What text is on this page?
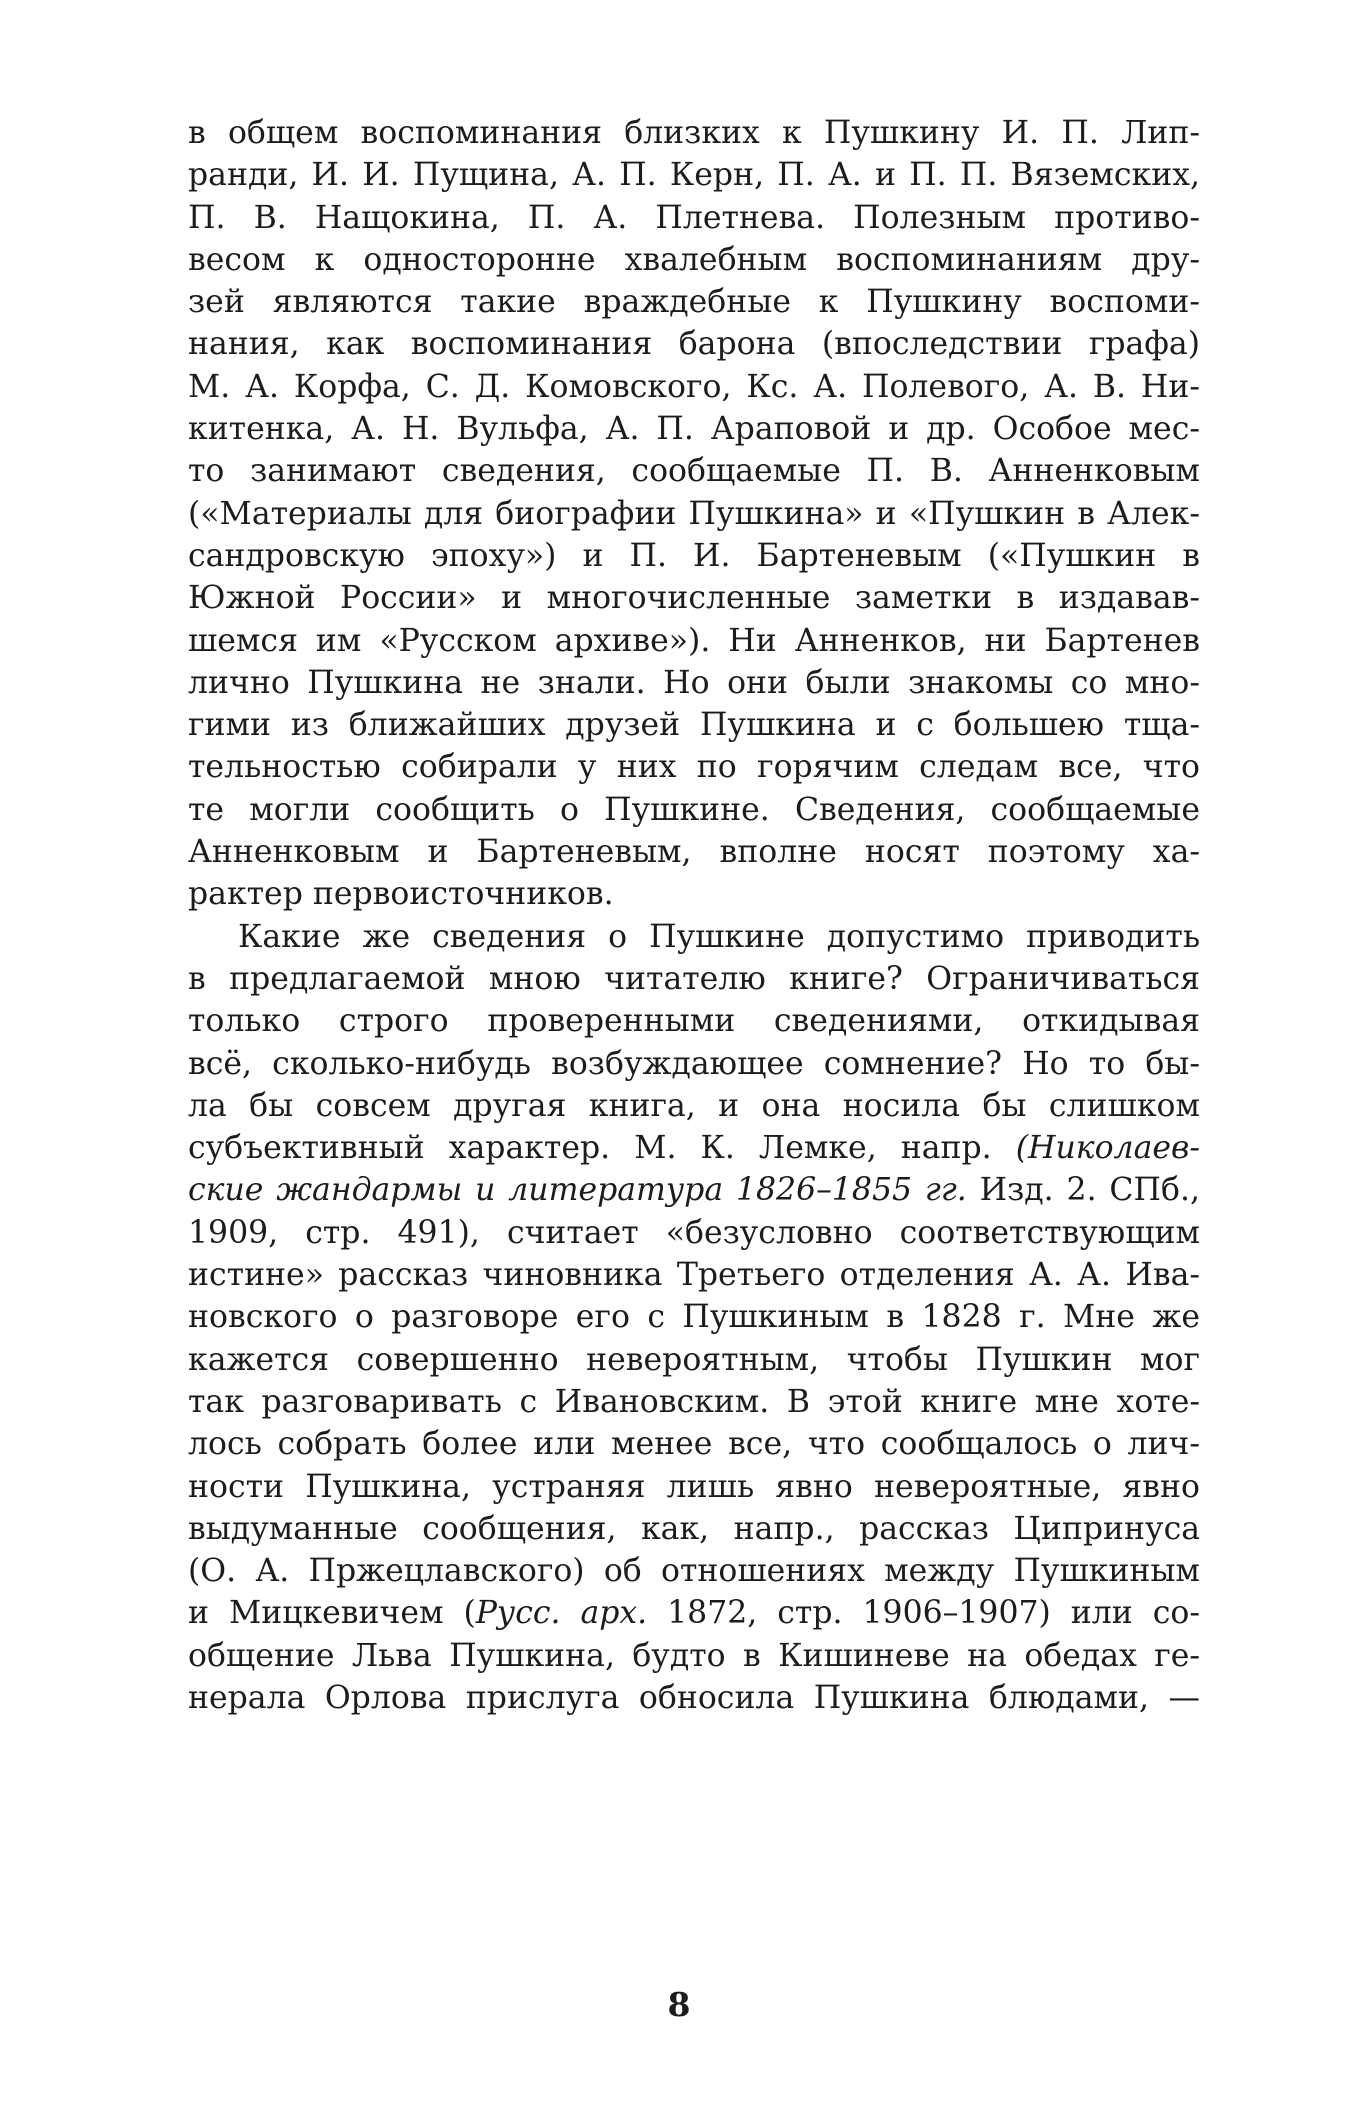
в общем воспоминания близких к Пушкину И. П. Лип-
ранди, И. И. Пущина, А. П. Керн, П. А. и П. П. Вяземских,
П. В. Нащокина, П. А. Плетнева. Полезным противо-
весом к односторонне хвалебным воспоминаниям дру-
зей являются такие враждебные к Пушкину воспоми-
нания, как воспоминания барона (впоследствии графа)
М. А. Корфа, С. Д. Комовского, Кс. А. Полевого, А. В. Ни-
китенка, А. Н. Вульфа, А. П. Араповой и др. Особое мес-
то занимают сведения, сообщаемые П. В. Анненковым
(«Материалы для биографии Пушкина» и «Пушкин в Алек-
сандровскую эпоху») и П. И. Бартеневым («Пушкин в
Южной России» и многочисленные заметки в издавав-
шемся им «Русском архиве»). Ни Анненков, ни Бартенев
лично Пушкина не знали. Но они были знакомы со мно-
гими из ближайших друзей Пушкина и с большею тща-
тельностью собирали у них по горячим следам все, что
те могли сообщить о Пушкине. Сведения, сообщаемые
Анненковым и Бартеневым, вполне носят поэтому ха-
рактер первоисточников.
Какие же сведения о Пушкине допустимо приводить
в предлагаемой мною читателю книге? Ограничиваться
только строго проверенными сведениями, откидывая
всё, сколько-нибудь возбуждающее сомнение? Но то бы-
ла бы совсем другая книга, и она носила бы слишком
субъективный характер. М. К. Лемке, напр. (Николаев-
ские жандармы и литература 1826–1855 гг. Изд. 2. СПб.,
1909, стр. 491), считает «безусловно соответствующим
истине» рассказ чиновника Третьего отделения А. А. Ива-
новского о разговоре его с Пушкиным в 1828 г. Мне же
кажется совершенно невероятным, чтобы Пушкин мог
так разговаривать с Ивановским. В этой книге мне хоте-
лось собрать более или менее все, что сообщалось о лич-
ности Пушкина, устраняя лишь явно невероятные, явно
выдуманные сообщения, как, напр., рассказ Ципринуса
(О. А. Пржецлавского) об отношениях между Пушкиным
и Мицкевичем (Русс. арх. 1872, стр. 1906–1907) или со-
общение Льва Пушкина, будто в Кишиневе на обедах ге-
нерала Орлова прислуга обносила Пушкина блюдами, —
8
